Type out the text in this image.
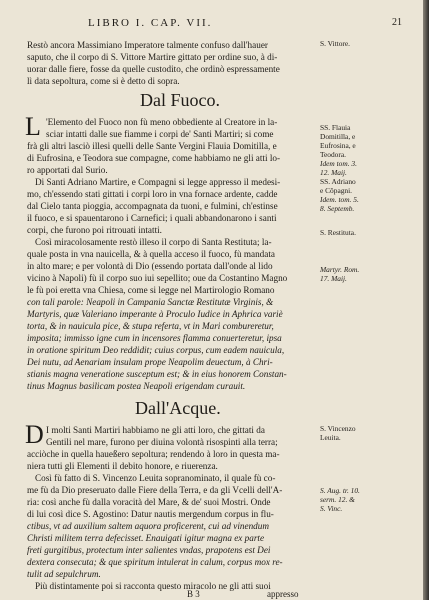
LIBRO I. CAP. VII.	21
Restò ancora Massimiano Imperatore talmente confuso dall'hauer
saputo, che il corpo di S. Vittore Martire gittato per ordine suo, à di-
uorar dalle fiere, fosse da quelle custodito, che ordinò espressamente
lì data sepoltura, come si è detto di sopra.
Dal Fuoco.
L 'Elemento del Fuoco non fù meno obbediente al Creatore in la-
sciar intatti dalle sue fiamme i corpi de' Santi Martiri; si come
frà gli altri lasciò illesi quelli delle Sante Vergini Flauia Domitilla, e
di Eufrosina, e Teodora sue compagne, come habbiamo ne gli atti lo-
ro apportati dal Surio.
Di Santi Adriano Martire, e Compagni si legge appresso il medesi-
mo, ch'essendo stati gittati i corpi loro in vna fornace ardente, cadde
dal Cielo tanta pioggia, accompagnata da tuoni, e fulmini, ch'estinse
il fuoco, e si spauentarono i Carnefici; i quali abbandonarono i santi
corpi, che furono poi ritrouati intatti.
Così miracolosamente restò illeso il corpo di Santa Restituta; la-
quale posta in vna nauicella, & à quella acceso il fuoco, fù mandata
in alto mare; e per volontà di Dio (essendo portata dall'onde al lido
vicino à Napoli) fù il corpo suo iui sepellito; oue da Costantino Magno
le fù poi eretta vna Chiesa, come si legge nel Martirologio Romano
con tali parole: Neapoli in Campania Sanctæ Restitutæ Virginis, &
Martyris, quæ Valeriano imperante à Proculo Iudice in Aphrica variè
torta, & in nauicula pice, & stupa referta, vt in Mari combureretur,
imposita; immisso igne cum in incensores flamma conuerteretur, ipsa
in oratione spiritum Deo reddidit; cuius corpus, cum eadem nauicula,
Dei nutu, ad Aenariam insulam prope Neapolim deuectum, à Chri-
stianis magna veneratione susceptum est; & in eius honorem Constan-
tinus Magnus basilicam postea Neapoli erigendam curauit.
Dall'Acque.
D I molti Santi Martiri habbiamo ne gli atti loro, che gittati da
Gentili nel mare, furono per diuina volontà risospinti alla terra;
acciòche in quella haueßero sepoltura; rendendo à loro in questa ma-
niera tutti gli Elementi il debito honore, e riuerenza.
Così fù fatto di S. Vincenzo Leuita sopranominato, il quale fù co-
me fù da Dio preseruato dalle Fiere della Terra, e da gli Vcelli dell'A-
ria: così anche fù dalla voracità del Mare, & de' suoi Mostri. Onde
di lui così dice S. Agostino: Datur nautis mergendum corpus in flu-
ctibus, vt ad auxilium saltem aquora proficerent, cui ad vinendum
Christi militem terra defecisset. Enauigati igitur magna ex parte
freti gurgitibus, protectum inter salientes vndas, prapotens est Dei
dextera consecuta; & que spiritum intulerat in calum, corpus mox re-
tulit ad sepulchrum.
Più distintamente poi si racconta questo miracolo ne gli atti suoi
B 3	appresso
S. Vittore.
SS. Flauia
Domitilla, e
Eufrosina, e
Teodora.
Idem tom. 3.
12. Maij.
SS. Adriano
e Cõpagni.
Idem. tom. 5.
8. Septemb.
S. Restituta.
Martyr. Rom.
17. Maij.
S. Vincenzo
Leuita.
S. Aug. tr. 10.
serm. 12. &
S. Vinc.
